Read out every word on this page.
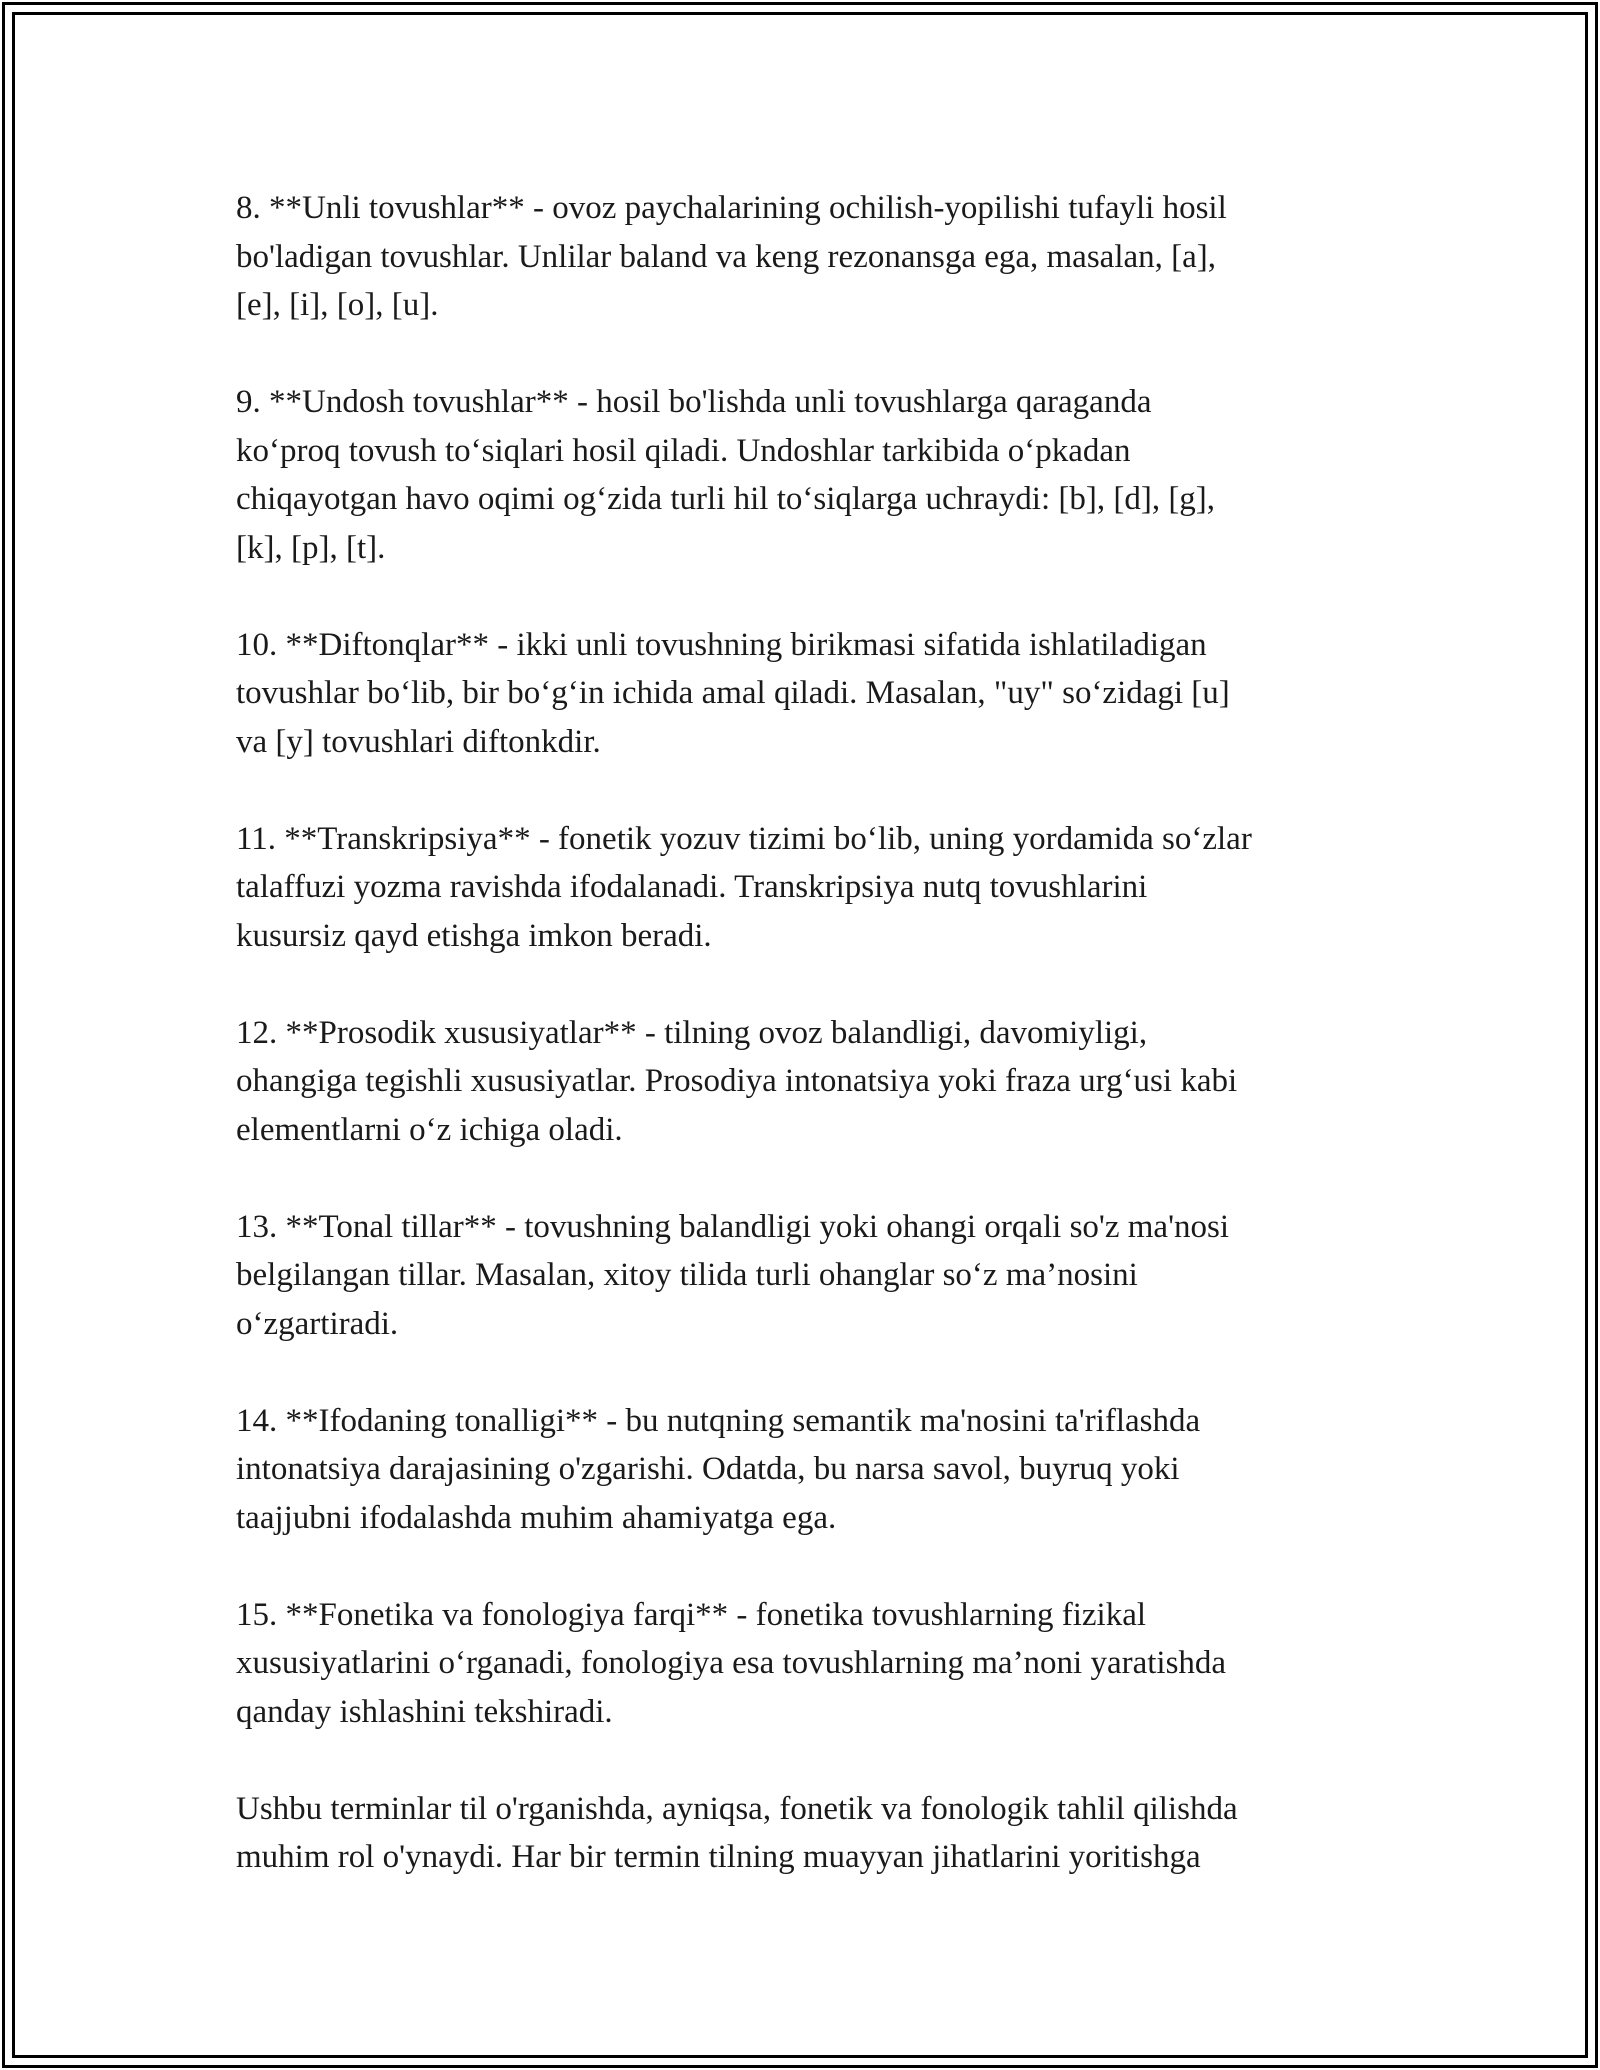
8. **Unli tovushlar** - ovoz paychalarining ochilish-yopilishi tufayli hosil
bo'ladigan tovushlar. Unlilar baland va keng rezonansga ega, masalan, [a],
[e], [i], [o], [u].

9. **Undosh tovushlar** - hosil bo'lishda unli tovushlarga qaraganda
ko‘proq tovush to‘siqlari hosil qiladi. Undoshlar tarkibida o‘pkadan
chiqayotgan havo oqimi og‘zida turli hil to‘siqlarga uchraydi: [b], [d], [g],
[k], [p], [t].

10. **Diftonqlar** - ikki unli tovushning birikmasi sifatida ishlatiladigan
tovushlar bo‘lib, bir bo‘g‘in ichida amal qiladi. Masalan, "uy" so‘zidagi [u]
va [y] tovushlari diftonkdir.

11. **Transkripsiya** - fonetik yozuv tizimi bo‘lib, uning yordamida so‘zlar
talaffuzi yozma ravishda ifodalanadi. Transkripsiya nutq tovushlarini
kusursiz qayd etishga imkon beradi.

12. **Prosodik xususiyatlar** - tilning ovoz balandligi, davomiyligi,
ohangiga tegishli xususiyatlar. Prosodiya intonatsiya yoki fraza urg‘usi kabi
elementlarni o‘z ichiga oladi.

13. **Tonal tillar** - tovushning balandligi yoki ohangi orqali so'z ma'nosi
belgilangan tillar. Masalan, xitoy tilida turli ohanglar so‘z ma’nosini
o‘zgartiradi.

14. **Ifodaning tonalligi** - bu nutqning semantik ma'nosini ta'riflashda
intonatsiya darajasining o'zgarishi. Odatda, bu narsa savol, buyruq yoki
taajjubni ifodalashda muhim ahamiyatga ega.

15. **Fonetika va fonologiya farqi** - fonetika tovushlarning fizikal
xususiyatlarini o‘rganadi, fonologiya esa tovushlarning ma’noni yaratishda
qanday ishlashini tekshiradi.

Ushbu terminlar til o'rganishda, ayniqsa, fonetik va fonologik tahlil qilishda
muhim rol o'ynaydi. Har bir termin tilning muayyan jihatlarini yoritishga
